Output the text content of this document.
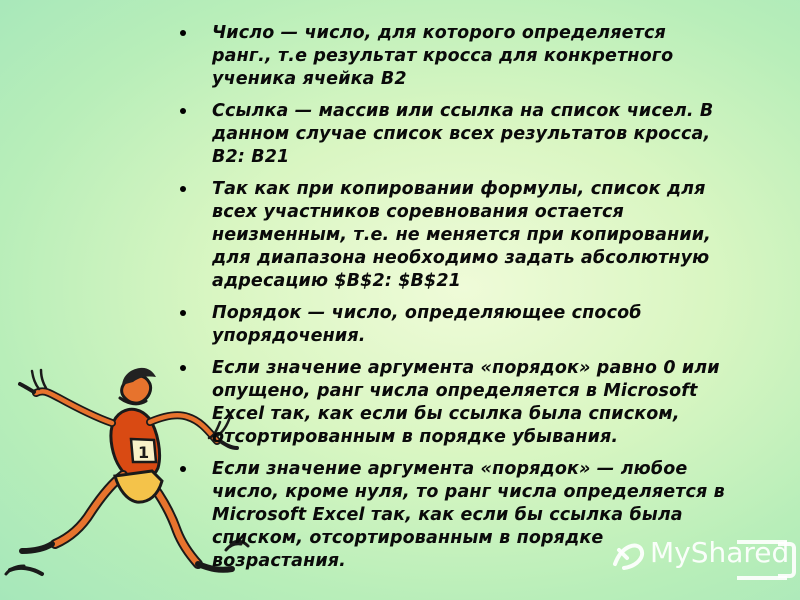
1
Число — число, для которого определяется
ранг., т.е результат кросса для конкретного
ученика ячейка В2
Ссылка — массив или ссылка на список чисел. В
данном случае список всех результатов кросса,
В2: В21
Так как при копировании формулы, список для
всех участников соревнования остается
неизменным, т.е. не меняется при копировании,
для диапазона необходимо задать абсолютную
адресацию $B$2: $B$21
Порядок — число, определяющее способ
упорядочения.
Если значение аргумента «порядок» равно 0 или
опущено, ранг числа определяется в Microsoft
Excel так, как если бы ссылка была списком,
отсортированным в порядке убывания.
Если значение аргумента «порядок» — любое
число, кроме нуля, то ранг числа определяется в
Microsoft Excel так, как если бы ссылка была
списком, отсортированным в порядке
возрастания.	MyShared
